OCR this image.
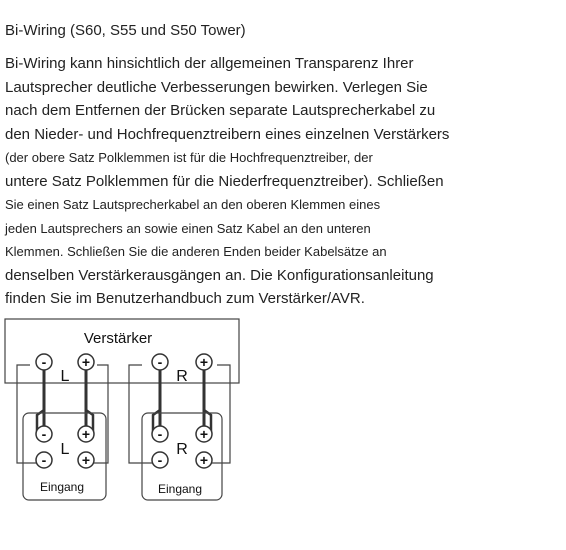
Bi-Wiring (S60, S55 und S50 Tower)
Bi-Wiring kann hinsichtlich der allgemeinen Transparenz Ihrer
Lautsprecher deutliche Verbesserungen bewirken. Verlegen Sie
nach dem Entfernen der Brücken separate Lautsprecherkabel zu
den Nieder- und Hochfrequenztreibern eines einzelnen Verstärkers
(der obere Satz Polklemmen ist für die Hochfrequenztreiber, der
untere Satz Polklemmen für die Niederfrequenztreiber). Schließen
Sie einen Satz Lautsprecherkabel an den oberen Klemmen eines
jeden Lautsprechers an sowie einen Satz Kabel an den unteren
Klemmen. Schließen Sie die anderen Enden beider Kabelsätze an
denselben Verstärkerausgängen an. Die Konfigurationsanleitung
finden Sie im Benutzerhandbuch zum Verstärker/AVR.
Verstärker
-	+	-	+
L	R
-	+
-	+
L
Eingang
-	+
-	+
R
Eingang
